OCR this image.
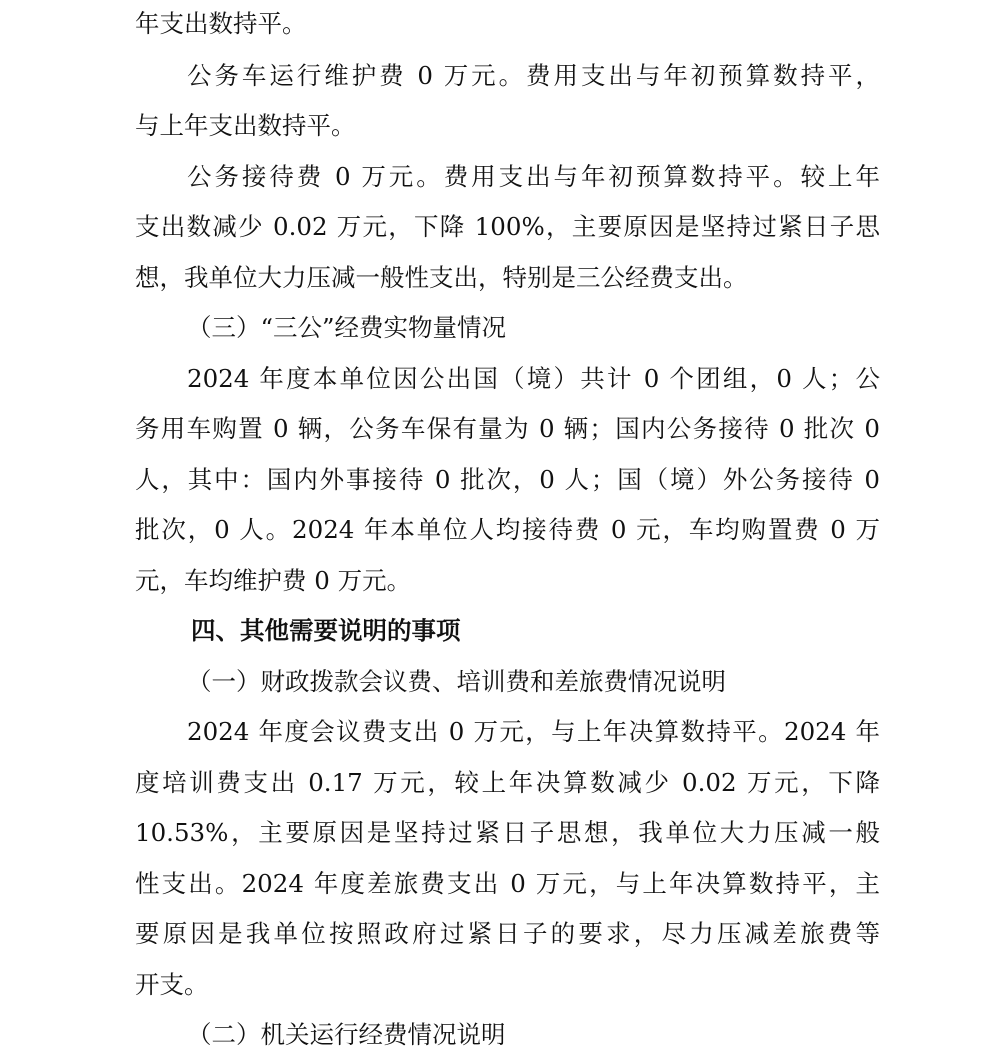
年支出数持平。
公务车运行维护费 0 万元。费用支出与年初预算数持平，
与上年支出数持平。
公务接待费 0 万元。费用支出与年初预算数持平。较上年
支出数减少 0.02 万元，下降 100%，主要原因是坚持过紧日子思
想，我单位大力压减一般性支出，特别是三公经费支出。
（三）“三公”经费实物量情况
2024 年度本单位因公出国（境）共计 0 个团组，0 人；公
务用车购置 0 辆，公务车保有量为 0 辆；国内公务接待 0 批次 0
人，其中：国内外事接待 0 批次，0 人；国（境）外公务接待 0
批次，0 人。2024 年本单位人均接待费 0 元，车均购置费 0 万
元，车均维护费 0 万元。
四、其他需要说明的事项
（一）财政拨款会议费、培训费和差旅费情况说明
2024 年度会议费支出 0 万元，与上年决算数持平。2024 年
度培训费支出 0.17 万元，较上年决算数减少 0.02 万元，下降
10.53%，主要原因是坚持过紧日子思想，我单位大力压减一般
性支出。2024 年度差旅费支出 0 万元，与上年决算数持平，主
要原因是我单位按照政府过紧日子的要求，尽力压减差旅费等
开支。
（二）机关运行经费情况说明
